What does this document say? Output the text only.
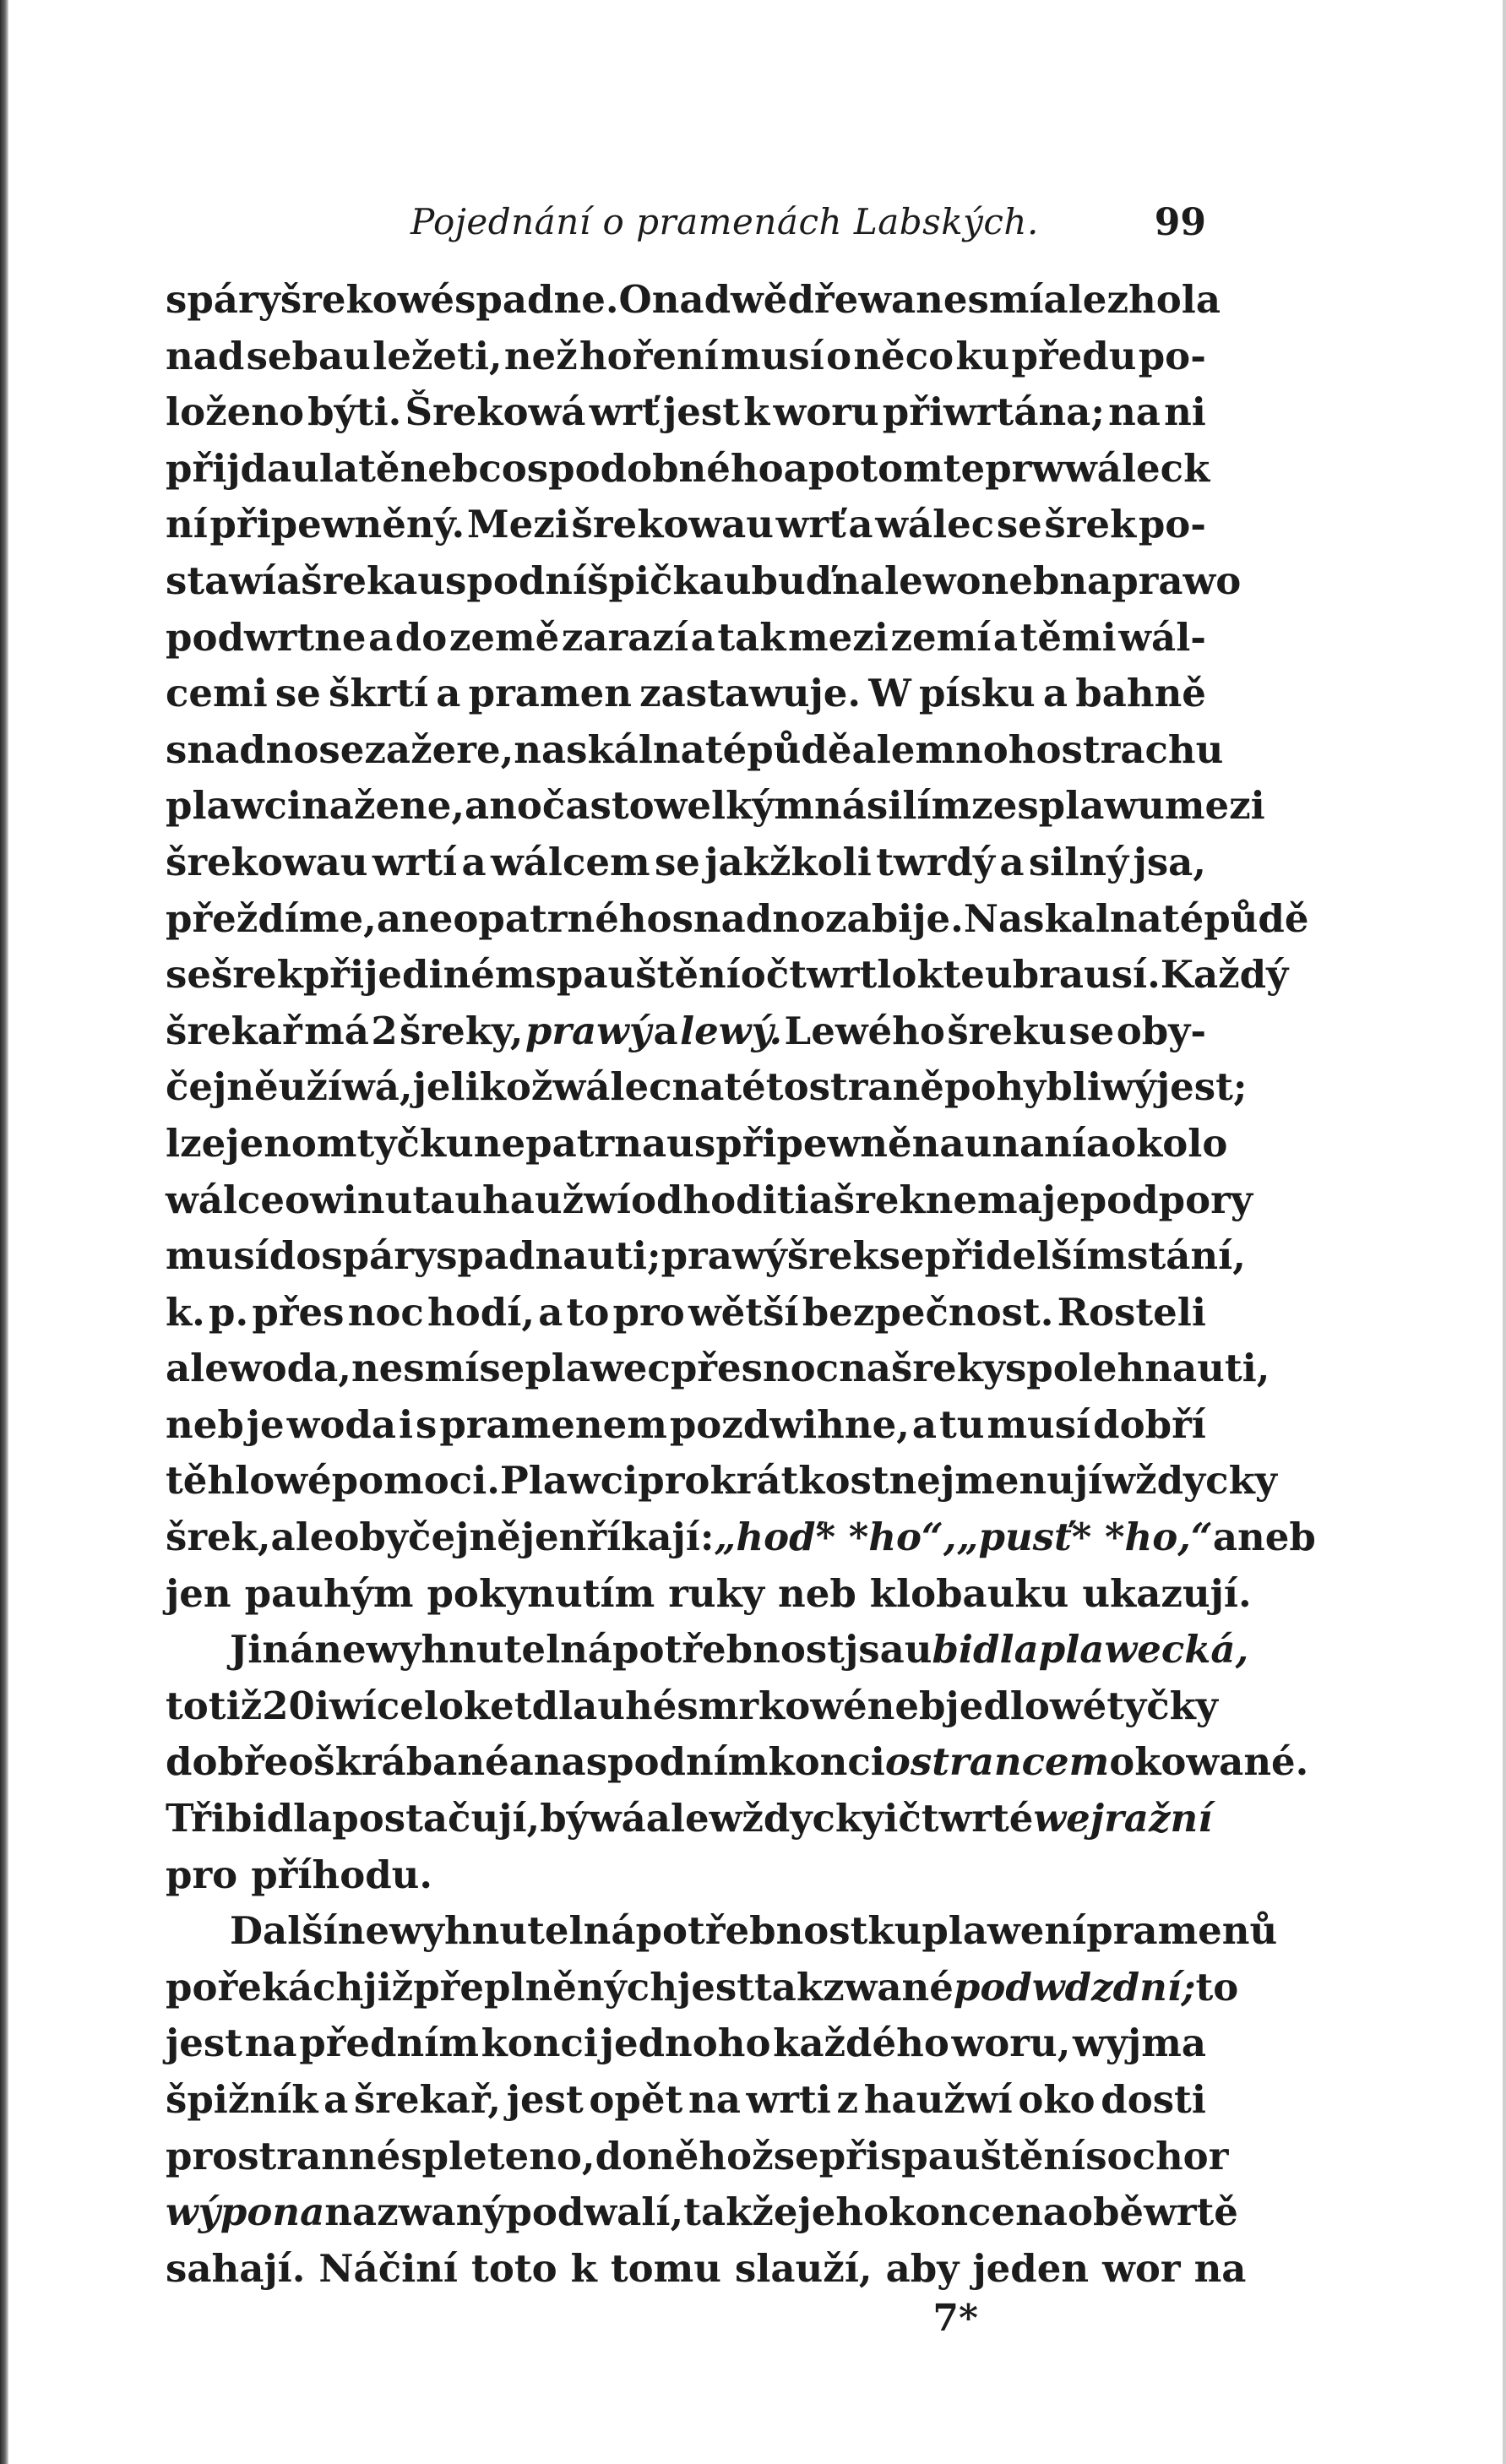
Pojednání o pramenách Labských.	99
spáry šrekowé spadne. Ona dwě dřewa nesmí ale zhola
nad sebau ležeti, než hoření musí o něco ku předu po-
loženo býti. Šrekowá wrť jest k woru přiwrtána; na ni
přijdau latě neb cos podobného a potom teprw wálec k
ní připewněný. Mezi šrekowau wrť a wálec se šrek po-
stawí a šrekau spodní špičkau buď na lewo neb na prawo
podwrtne a do země zarazí a tak mezi zemí a těmi wál-
cemi se škrtí a pramen zastawuje. W písku a bahně
snadno se zažere, na skálnaté půdě ale mnoho strachu
plawci nažene, ano často welkým násilím ze splawu mezi
šrekowau wrtí a wálcem se jakžkoli twrdý a silný jsa,
přeždíme, a neopatrného snadno zabije. Na skalnaté půdě
se šrek při jediném spauštění o čtwrt lokte ubrausí. Každý
šrekař má 2 šreky, prawý a lewý. Lewého šreku se oby-
čejně užíwá, jelikož wálec na této straně pohybliwý jest;
lze jenom tyčku nepatrnau s připewněnau na ní a okolo
wálce owinutau haužwí odhoditi a šrek nemaje podpory
musí do spáry spadnauti; prawý šrek se při delším stání,
k. p. přes noc hodí, a to pro wětší bezpečnost. Rosteli
ale woda, nesmí se plawec přes noc na šreky spolehnauti,
neb je woda i s pramenem pozdwihne, a tu musí dobří
těhlowé pomoci. Plawci pro krátkost nejmenují wždycky
šrek, ale obyčejně jen říkají: „hoď* *ho“, „pusť* *ho,“ aneb
jen pauhým pokynutím ruky neb klobauku ukazují.
Jiná newyhnutelná potřebnost jsau bidla plawecká,
totiž 20 i wíce loket dlauhé smrkowé neb jedlowé tyčky
dobře oškrábané a na spodním konci ostrancem okowané.
Tři bidla postačují, býwá ale wždycky i čtwrté wejražní
pro příhodu.
Další newyhnutelná potřebnost ku plawení pramenů
po řekách již přeplněných jest tak zwané podwdzdní; to
jest na předním konci jednoho každého woru, wyjma
špižník a šrekař, jest opět na wrti z haužwí oko dosti
prostranné spleteno, do něhož se při spauštění sochor
wýpona nazwaný podwalí, tak že jeho konce na obě wrtě
sahají. Náčiní toto k tomu slauží, aby jeden wor na
7*
